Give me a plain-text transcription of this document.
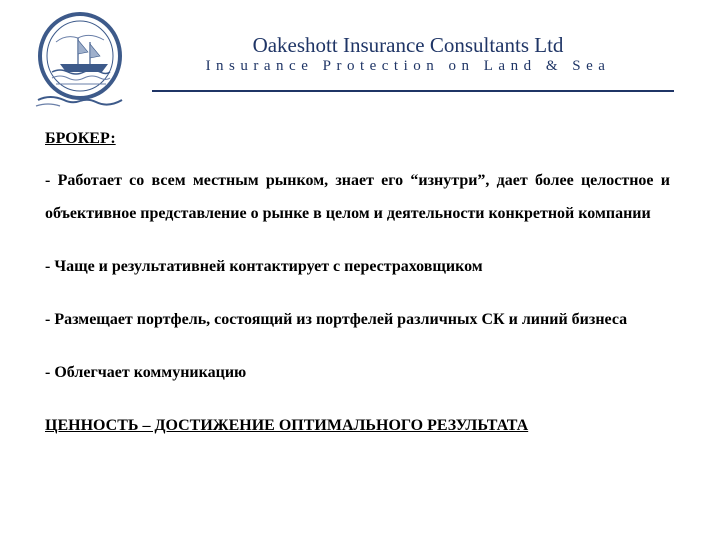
Oakeshott Insurance Consultants Ltd
Insurance Protection on Land & Sea
БРОКЕР:
- Работает со всем местным рынком, знает его “изнутри”, дает более целостное и объективное представление о рынке в целом и деятельности конкретной компании
- Чаще и результативней контактирует с перестраховщиком
- Размещает портфель, состоящий из портфелей различных СК и линий бизнеса
- Облегчает коммуникацию
ЦЕННОСТЬ – ДОСТИЖЕНИЕ ОПТИМАЛЬНОГО РЕЗУЛЬТАТА
